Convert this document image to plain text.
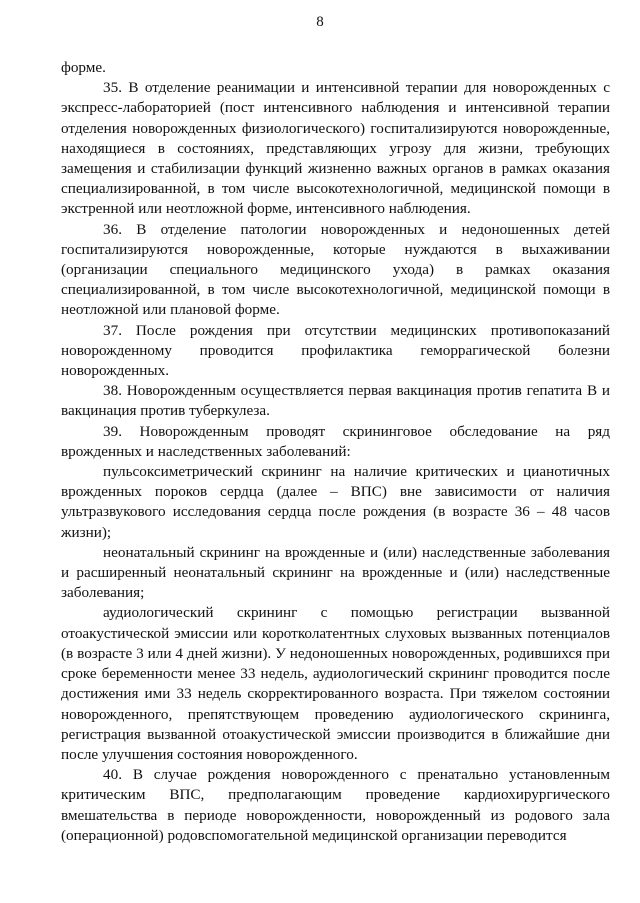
8

форме.

35. В отделение реанимации и интенсивной терапии для новорожденных с экспресс-лабораторией (пост интенсивного наблюдения и интенсивной терапии отделения новорожденных физиологического) госпитализируются новорожденные, находящиеся в состояниях, представляющих угрозу для жизни, требующих замещения и стабилизации функций жизненно важных органов в рамках оказания специализированной, в том числе высокотехнологичной, медицинской помощи в экстренной или неотложной форме, интенсивного наблюдения.

36. В отделение патологии новорожденных и недоношенных детей госпитализируются новорожденные, которые нуждаются в выхаживании (организации специального медицинского ухода) в рамках оказания специализированной, в том числе высокотехнологичной, медицинской помощи в неотложной или плановой форме.

37. После рождения при отсутствии медицинских противопоказаний новорожденному проводится профилактика геморрагической болезни новорожденных.

38. Новорожденным осуществляется первая вакцинация против гепатита В и вакцинация против туберкулеза.

39. Новорожденным проводят скрининговое обследование на ряд врожденных и наследственных заболеваний:

пульсоксиметрический скрининг на наличие критических и цианотичных врожденных пороков сердца (далее – ВПС) вне зависимости от наличия ультразвукового исследования сердца после рождения (в возрасте 36 – 48 часов жизни);

неонатальный скрининг на врожденные и (или) наследственные заболевания и расширенный неонатальный скрининг на врожденные и (или) наследственные заболевания;

аудиологический скрининг с помощью регистрации вызванной отоакустической эмиссии или коротколатентных слуховых вызванных потенциалов (в возрасте 3 или 4 дней жизни). У недоношенных новорожденных, родившихся при сроке беременности менее 33 недель, аудиологический скрининг проводится после достижения ими 33 недель скорректированного возраста. При тяжелом состоянии новорожденного, препятствующем проведению аудиологического скрининга, регистрация вызванной отоакустической эмиссии производится в ближайшие дни после улучшения состояния новорожденного.

40. В случае рождения новорожденного с пренатально установленным критическим ВПС, предполагающим проведение кардиохирургического вмешательства в периоде новорожденности, новорожденный из родового зала (операционной) родовспомогательной медицинской организации переводится
